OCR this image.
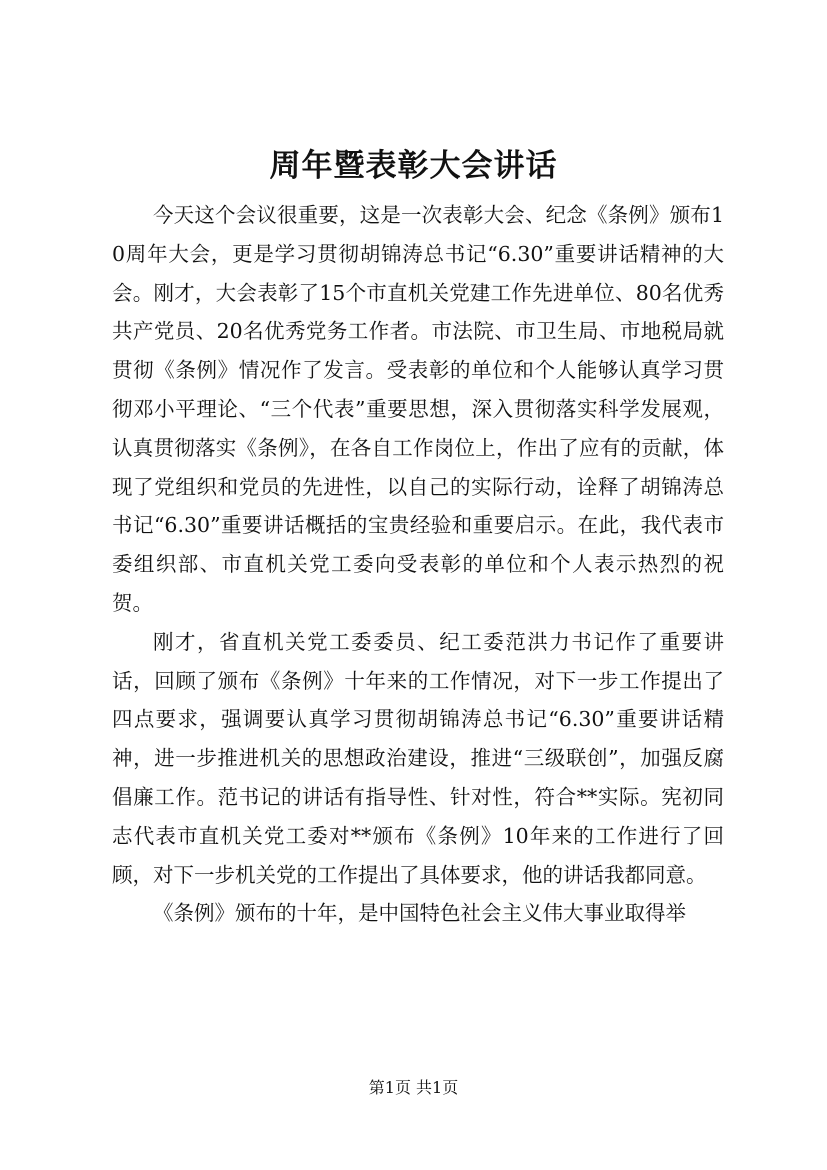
周年暨表彰大会讲话

今天这个会议很重要，这是一次表彰大会、纪念《条例》颁布10周年大会，更是学习贯彻胡锦涛总书记“6.30”重要讲话精神的大会。刚才，大会表彰了15个市直机关党建工作先进单位、80名优秀共产党员、20名优秀党务工作者。市法院、市卫生局、市地税局就贯彻《条例》情况作了发言。受表彰的单位和个人能够认真学习贯彻邓小平理论、“三个代表”重要思想，深入贯彻落实科学发展观，认真贯彻落实《条例》，在各自工作岗位上，作出了应有的贡献，体现了党组织和党员的先进性，以自己的实际行动，诠释了胡锦涛总书记“6.30”重要讲话概括的宝贵经验和重要启示。在此，我代表市委组织部、市直机关党工委向受表彰的单位和个人表示热烈的祝贺。

刚才，省直机关党工委委员、纪工委范洪力书记作了重要讲话，回顾了颁布《条例》十年来的工作情况，对下一步工作提出了四点要求，强调要认真学习贯彻胡锦涛总书记“6.30”重要讲话精神，进一步推进机关的思想政治建设，推进“三级联创”，加强反腐倡廉工作。范书记的讲话有指导性、针对性，符合**实际。宪初同志代表市直机关党工委对**颁布《条例》10年来的工作进行了回顾，对下一步机关党的工作提出了具体要求，他的讲话我都同意。

《条例》颁布的十年，是中国特色社会主义伟大事业取得举

第1页 共1页
